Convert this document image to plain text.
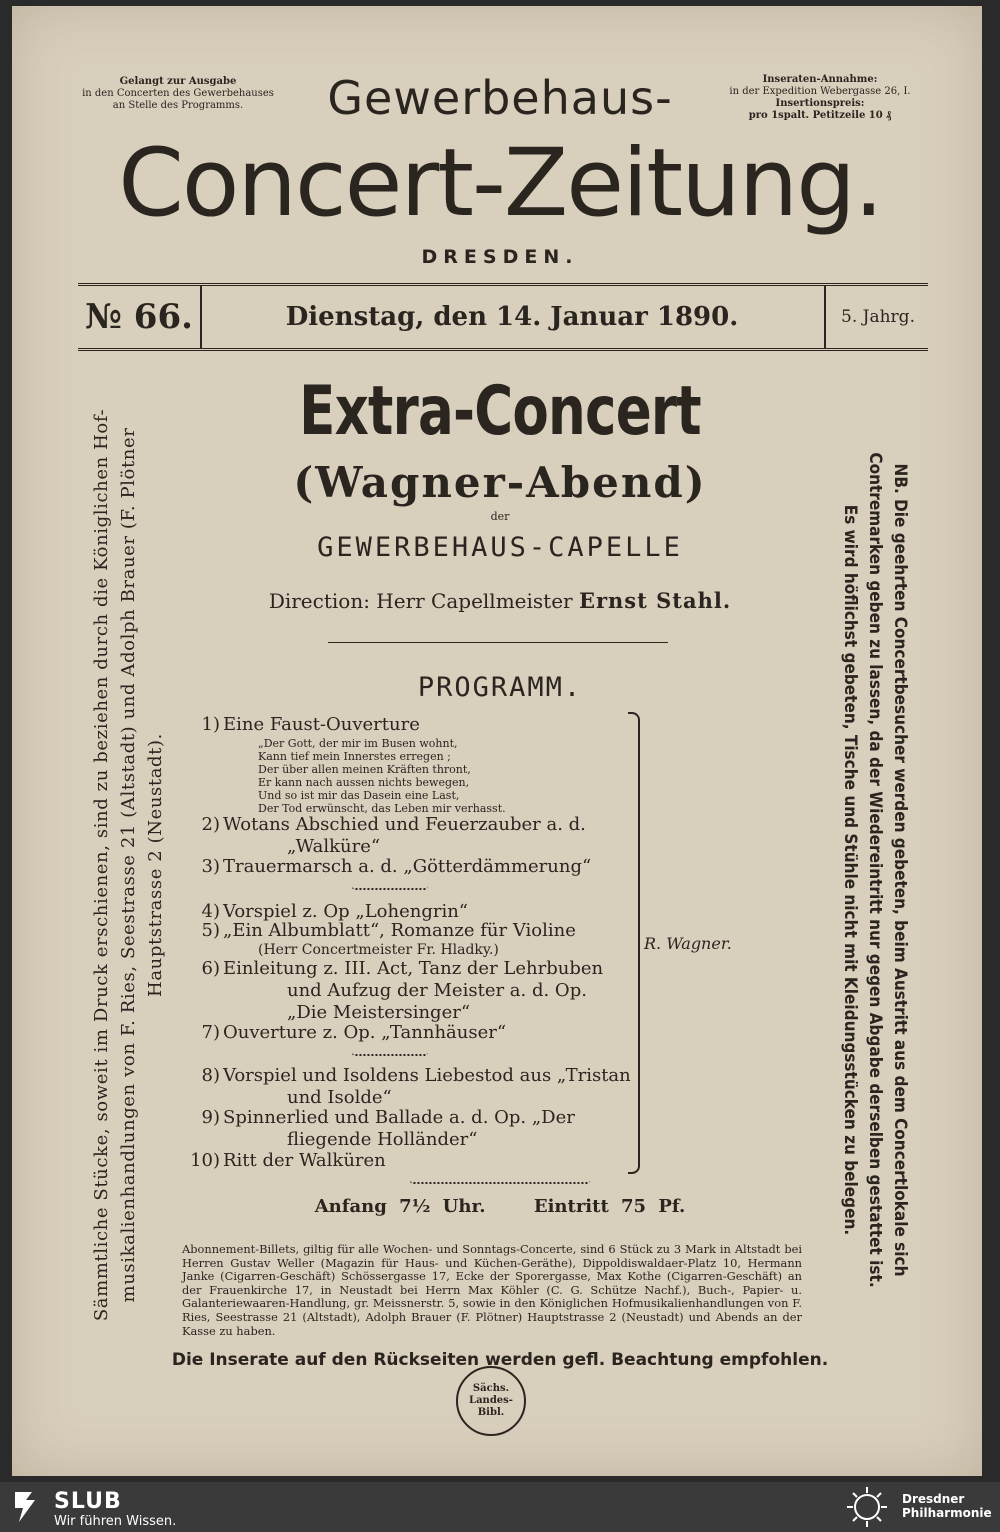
Gelangt zur Ausgabe
in den Concerten des Gewerbehauses
an Stelle des Programms.
Inseraten-Annahme:
in der Expedition Webergasse 26, I.
Insertionspreis:
pro 1spalt. Petitzeile 10 ₰
Gewerbehaus-
Concert-Zeitung.
DRESDEN.
№ 66.	Dienstag, den 14. Januar 1890.	5. Jahrg.
Sämmtliche Stücke, soweit im Druck erschienen, sind zu beziehen durch die Königlichen Hof- musikalienhandlungen von F. Ries, Seestrasse 21 (Altstadt) und Adolph Brauer (F. Plötner Hauptstrasse 2 (Neustadt).	NB. Die geehrten Concertbesucher werden gebeten, beim Austritt aus dem Concertlokale sich
Contremarken geben zu lassen, da der Wiedereintritt nur gegen Abgabe derselben gestattet ist.
Es wird höflichst gebeten, Tische und Stühle nicht mit Kleidungsstücken zu belegen.
Extra-Concert
(Wagner-Abend)
der
GEWERBEHAUS-CAPELLE
Direction: Herr Capellmeister Ernst Stahl.
PROGRAMM.
1) Eine Faust-Ouverture
„Der Gott, der mir im Busen wohnt,
Kann tief mein Innerstes erregen ;
Der über allen meinen Kräften thront,
Er kann nach aussen nichts bewegen,
Und so ist mir das Dasein eine Last,
Der Tod erwünscht, das Leben mir verhasst.
2) Wotans Abschied und Feuerzauber a. d.
„Walküre“
3) Trauermarsch a. d. „Götterdämmerung“
4) Vorspiel z. Op „Lohengrin“
5) „Ein Albumblatt“, Romanze für Violine
(Herr Concertmeister Fr. Hladky.)
6) Einleitung z. III. Act, Tanz der Lehrbuben
und Aufzug der Meister a. d. Op.
„Die Meistersinger“
7) Ouverture z. Op. „Tannhäuser“
8) Vorspiel und Isoldens Liebestod aus „Tristan
und Isolde“
9) Spinnerlied und Ballade a. d. Op. „Der
fliegende Holländer“
10) Ritt der Walküren
R. Wagner.
Anfang 7½ Uhr.	Eintritt 75 Pf.
Abonnement-Billets, giltig für alle Wochen- und Sonntags-Concerte, sind 6 Stück zu 3 Mark in Altstadt bei Herren Gustav Weller (Magazin für Haus- und Küchen-Geräthe), Dippoldiswaldaer-Platz 10, Hermann Janke (Cigarren-Geschäft) Schössergasse 17, Ecke der Sporergasse, Max Kothe (Cigarren-Geschäft) an der Frauenkirche 17, in Neustadt bei Herrn Max Köhler (C. G. Schütze Nachf.), Buch-, Papier- u. Galanteriewaaren-Handlung, gr. Meissnerstr. 5, sowie in den Königlichen Hofmusikalienhandlungen von F. Ries, Seestrasse 21 (Altstadt), Adolph Brauer (F. Plötner) Hauptstrasse 2 (Neustadt) und Abends an der Kasse zu haben.
Die Inserate auf den Rückseiten werden gefl. Beachtung empfohlen.
Sächs.
Landes-
Bibl.
SLUB
Wir führen Wissen.
Dresdner
Philharmonie
